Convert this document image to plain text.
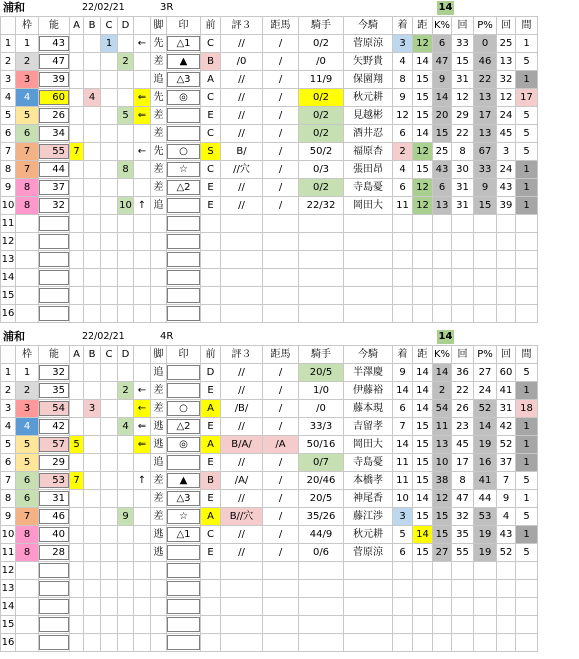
浦和	22/02/21	3R	14
	枠	能	A	B	C	D		脚	印	前	評３	距馬	騎手	今騎	着	距	K%	回	P%	回	間
1	1	43			1		←	先	△1	C	//	/	0/2	菅原涼	3	12	6	33	0	25	1
2	2	47				2		差	▲	B	/0	/	/0	矢野貴	4	14	47	15	46	13	5
3	3	39						追	△3	A	//	/	11/9	保園翔	8	15	9	31	22	32	1
4	4	60		4			⇐	先	◎	C	//	/	0/2	秋元耕	9	15	14	12	13	12	17
5	5	26				5	⇐	差		E	//	/	0/2	見越彬	12	15	20	29	17	24	5
6	6	34						差		C	//	/	0/2	酒井忍	6	14	15	22	13	45	5
7	7	55	7				←	先	○	S	B/	/	50/2	福原杏	2	12	25	8	67	3	5
8	7	44				8		差	☆	C	//穴	/	0/3	張田昂	4	15	43	30	33	24	1
9	8	37						差	△2	E	//	/	0/2	寺島憂	6	12	6	31	9	43	1
10	8	32				10	↑	追		E	//	/	22/32	岡田大	11	12	13	31	15	39	1
11		

12		

13		

14		

15		

16		

浦和	22/02/21	4R	14
	枠	能	A	B	C	D		脚	印	前	評３	距馬	騎手	今騎	着	距	K%	回	P%	回	間
1	1	32						追		D	//	/	20/5	半澤慶	9	14	14	36	27	60	5
2	2	35				2	←	差		E	//	/	1/0	伊藤裕	14	14	2	22	24	41	1
3	3	54		3			←	差	○	A	/B/	/	/0	藤本現	6	14	54	26	52	31	18
4	4	42				4	⇐	逃	△2	E	//	/	33/3	吉留孝	7	15	11	23	14	42	1
5	5	57	5				⇐	逃	◎	A	B/A/	/A	50/16	岡田大	14	15	13	45	19	52	1
6	5	29						追		E	//	/	0/7	寺島憂	11	15	10	17	16	37	1
7	6	53	7				↑	差	▲	B	/A/	/	20/46	本橋孝	11	15	38	8	41	7	5
8	6	31						差	△3	E	//	/	20/5	神尾香	10	14	12	47	44	9	1
9	7	46				9		差	☆	A	B//穴	/	35/26	藤江渉	3	15	15	32	53	4	5
10	8	40						逃	△1	C	//	/	44/9	秋元耕	5	14	15	35	19	43	1
11	8	28						逃		E	//	/	0/6	菅原涼	6	15	27	55	19	52	5
12		

13		

14		

15		

16		
